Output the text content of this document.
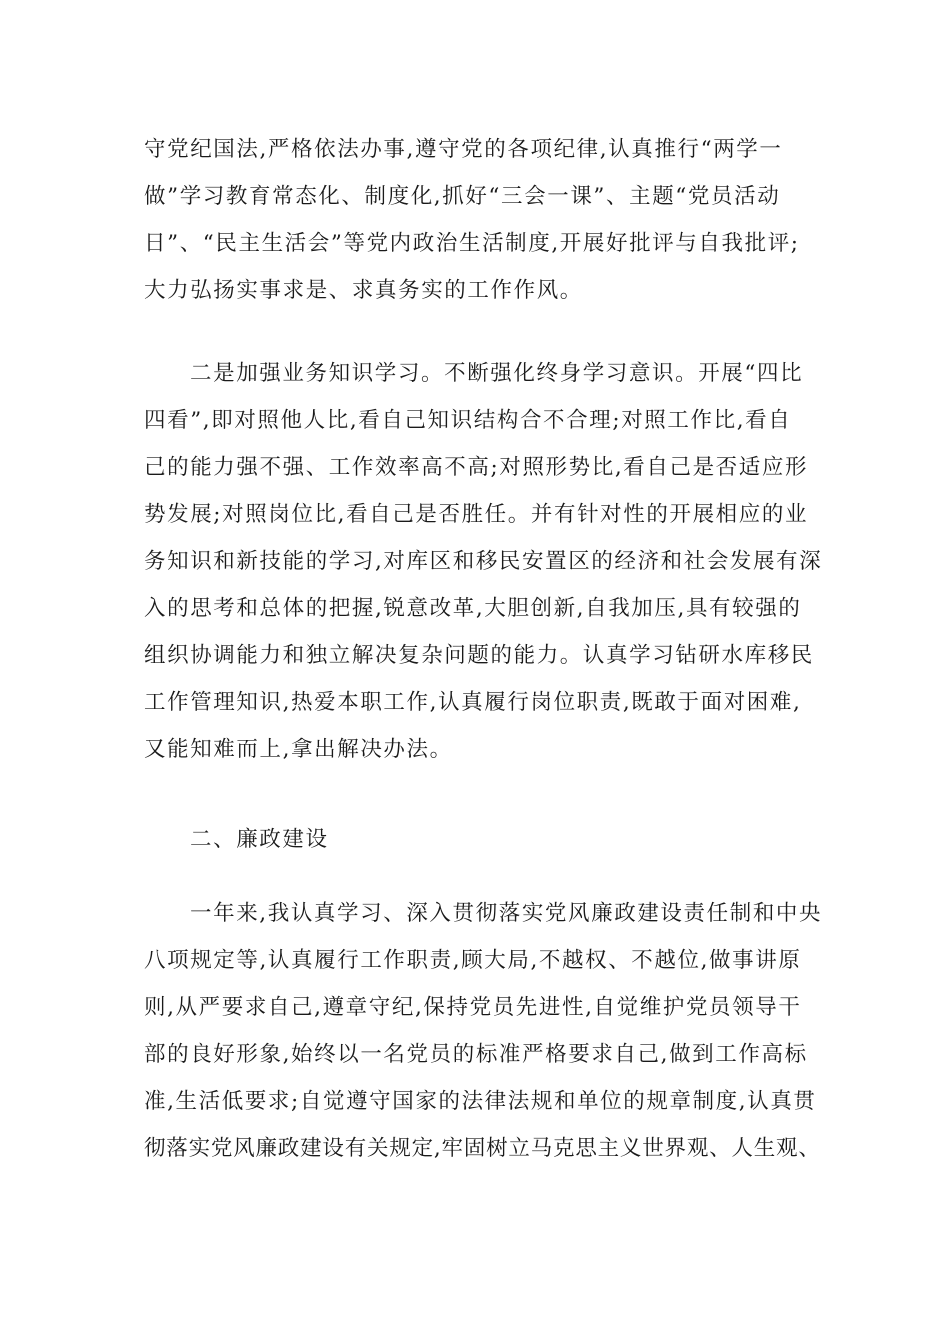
守党纪国法,严格依法办事,遵守党的各项纪律,认真推行“两学一
做”学习教育常态化、制度化,抓好“三会一课”、主题“党员活动
日”、“民主生活会”等党内政治生活制度,开展好批评与自我批评;
大力弘扬实事求是、求真务实的工作作风。
二是加强业务知识学习。不断强化终身学习意识。开展“四比
四看”,即对照他人比,看自己知识结构合不合理;对照工作比,看自
己的能力强不强、工作效率高不高;对照形势比,看自己是否适应形
势发展;对照岗位比,看自己是否胜任。并有针对性的开展相应的业
务知识和新技能的学习,对库区和移民安置区的经济和社会发展有深
入的思考和总体的把握,锐意改革,大胆创新,自我加压,具有较强的
组织协调能力和独立解决复杂问题的能力。认真学习钻研水库移民
工作管理知识,热爱本职工作,认真履行岗位职责,既敢于面对困难,
又能知难而上,拿出解决办法。
二、廉政建设
一年来,我认真学习、深入贯彻落实党风廉政建设责任制和中央
八项规定等,认真履行工作职责,顾大局,不越权、不越位,做事讲原
则,从严要求自己,遵章守纪,保持党员先进性,自觉维护党员领导干
部的良好形象,始终以一名党员的标准严格要求自己,做到工作高标
准,生活低要求;自觉遵守国家的法律法规和单位的规章制度,认真贯
彻落实党风廉政建设有关规定,牢固树立马克思主义世界观、人生观、
